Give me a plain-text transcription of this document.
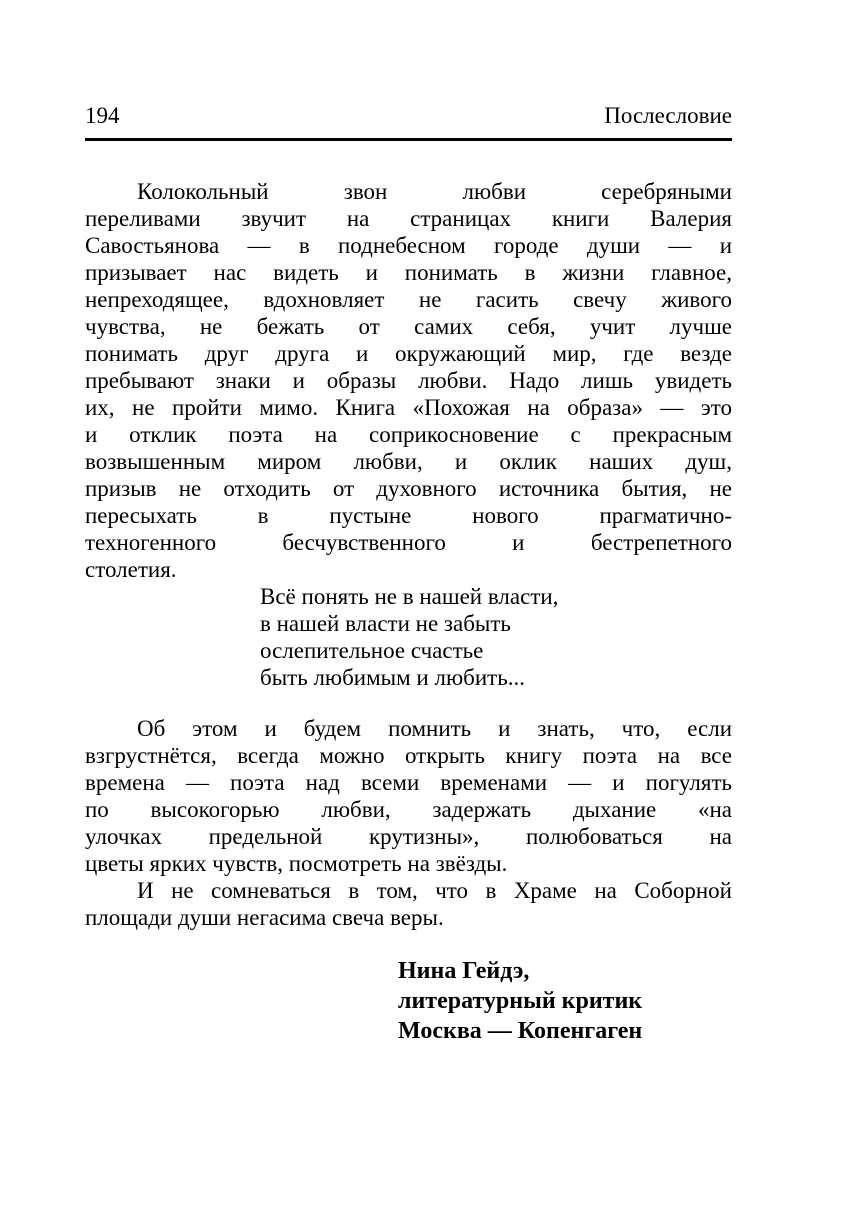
194	Послесловие
Колокольный звон любви серебряными
переливами звучит на страницах книги Валерия
Савостьянова — в поднебесном городе души — и
призывает нас видеть и понимать в жизни главное,
непреходящее, вдохновляет не гасить свечу живого
чувства, не бежать от самих себя, учит лучше
понимать друг друга и окружающий мир, где везде
пребывают знаки и образы любви. Надо лишь увидеть
их, не пройти мимо. Книга «Похожая на образа» — это
и отклик поэта на соприкосновение с прекрасным
возвышенным миром любви, и оклик наших душ,
призыв не отходить от духовного источника бытия, не
пересыхать в пустыне нового прагматично-
техногенного бесчувственного и бестрепетного
столетия.
Всё понять не в нашей власти,
в нашей власти не забыть
ослепительное счастье
быть любимым и любить...
Об этом и будем помнить и знать, что, если
взгрустнётся, всегда можно открыть книгу поэта на все
времена — поэта над всеми временами — и погулять
по высокогорью любви, задержать дыхание «на
улочках предельной крутизны», полюбоваться на
цветы ярких чувств, посмотреть на звёзды.
И не сомневаться в том, что в Храме на Соборной
площади души негасима свеча веры.
Нина Гейдэ,
литературный критик
Москва — Копенгаген
